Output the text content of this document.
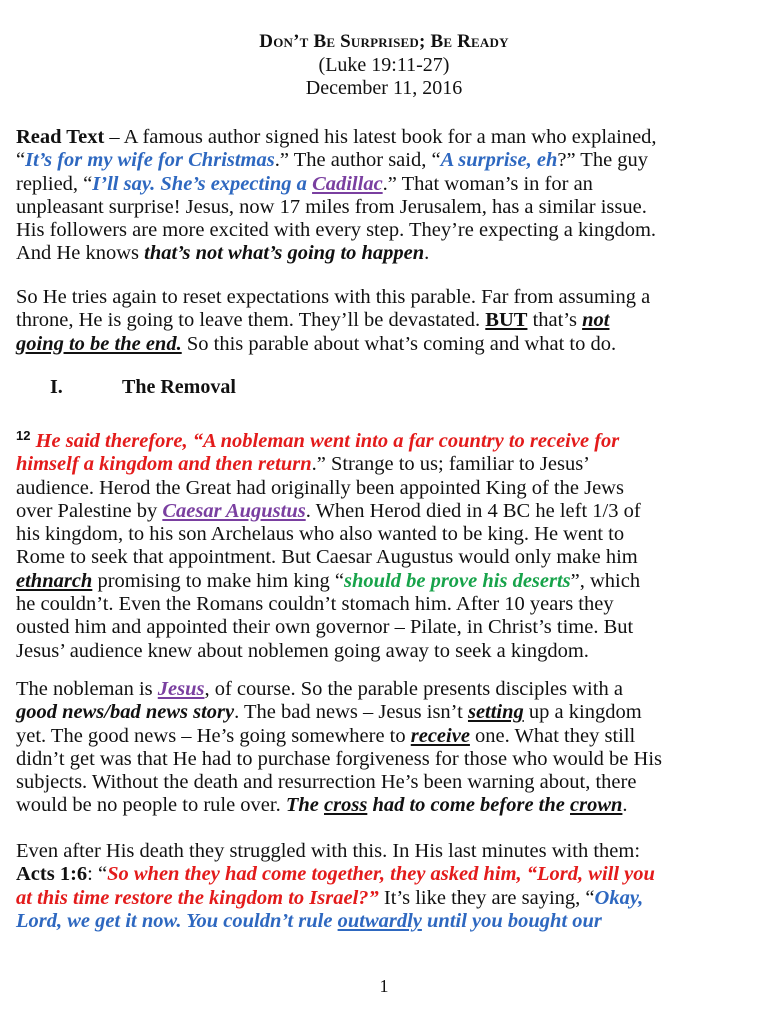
Don’t Be Surprised; Be Ready
(Luke 19:11-27)
December 11, 2016
Read Text – A famous author signed his latest book for a man who explained,
“It’s for my wife for Christmas.” The author said, “A surprise, eh?” The guy
replied, “I’ll say. She’s expecting a Cadillac.” That woman’s in for an
unpleasant surprise! Jesus, now 17 miles from Jerusalem, has a similar issue.
His followers are more excited with every step. They’re expecting a kingdom.
And He knows that’s not what’s going to happen.
So He tries again to reset expectations with this parable. Far from assuming a
throne, He is going to leave them. They’ll be devastated. BUT that’s not
going to be the end. So this parable about what’s coming and what to do.
I.	The Removal
$^{12}$ He said therefore, “A nobleman went into a far country to receive for
himself a kingdom and then return.” Strange to us; familiar to Jesus’
audience. Herod the Great had originally been appointed King of the Jews
over Palestine by Caesar Augustus. When Herod died in 4 BC he left 1/3 of
his kingdom, to his son Archelaus who also wanted to be king. He went to
Rome to seek that appointment. But Caesar Augustus would only make him
ethnarch promising to make him king “should be prove his deserts”, which
he couldn’t. Even the Romans couldn’t stomach him. After 10 years they
ousted him and appointed their own governor – Pilate, in Christ’s time. But
Jesus’ audience knew about noblemen going away to seek a kingdom.
The nobleman is Jesus, of course. So the parable presents disciples with a
good news/bad news story. The bad news – Jesus isn’t setting up a kingdom
yet. The good news – He’s going somewhere to receive one. What they still
didn’t get was that He had to purchase forgiveness for those who would be His
subjects. Without the death and resurrection He’s been warning about, there
would be no people to rule over. The cross had to come before the crown.
Even after His death they struggled with this. In His last minutes with them:
Acts 1:6: “So when they had come together, they asked him, “Lord, will you
at this time restore the kingdom to Israel?” It’s like they are saying, “Okay,
Lord, we get it now. You couldn’t rule outwardly until you bought our
1
